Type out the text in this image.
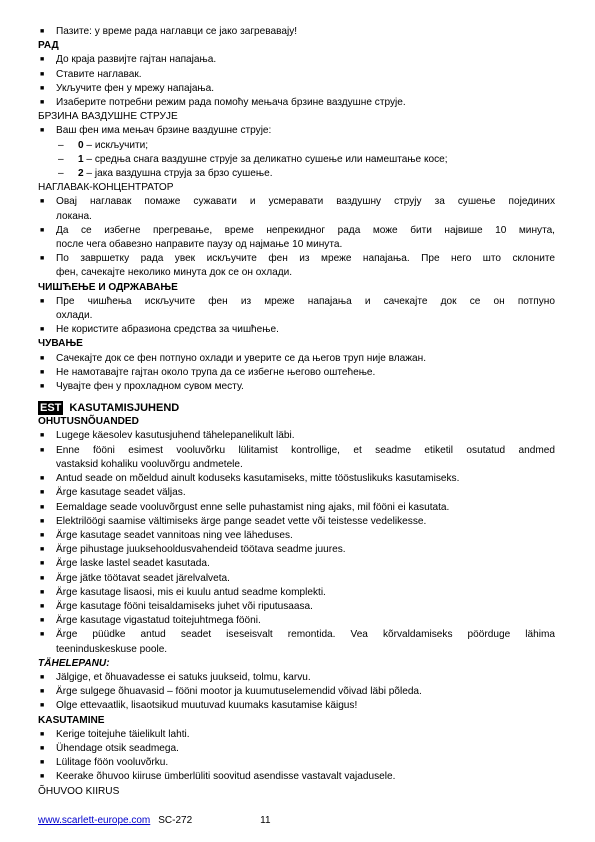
■	Пазите: у време рада наглавци се јако загревавају!
РАД
■	До краја развијте гајтан напајања.
■	Ставите наглавак.
■	Укључите фен у мрежу напајања.
■	Изаберите потребни режим рада помоћу мењача брзине ваздушне струје.
БРЗИНА ВАЗДУШНЕ СТРУЈЕ
■	Ваш фен има мењач брзине ваздушне струје:
–	0 – искључити;
–	1 – средња снага ваздушне струје за деликатно сушење или намештање косе;
–	2 – јака ваздушна струја за брзо сушење.
НАГЛАВАК-КОНЦЕНТРАТОР
■	Овај наглавак помаже сужавати и усмеравати ваздушну струју за сушење појединих
локана.
■	Да се избегне прегревање, време непрекидног рада може бити највише 10 минута,
после чега обавезно направите паузу од најмање 10 минута.
■	По завршетку рада увек искључите фен из мреже напајања. Пре него што склоните
фен, сачекајте неколико минута док се он охлади.
ЧИШЋЕЊЕ И ОДРЖАВАЊЕ
■	Пре чишћења искључите фен из мреже напајања и сачекајте док се он потпуно
охлади.
■	Не користите абразиона средства за чишћење.
ЧУВАЊЕ
■	Сачекајте док се фен потпуно охлади и уверите се да његов труп није влажан.
■	Не намотавајте гајтан около трупа да се избегне његово оштећење.
■	Чувајте фен у прохладном сувом месту.
EST KASUTAMISJUHEND
OHUTUSNÕUANDED
■	Lugege käesolev kasutusjuhend tähelepanelikult läbi.
■	Enne fööni esimest vooluvõrku lülitamist kontrollige, et seadme etiketil osutatud andmed
vastaksid kohaliku vooluvõrgu andmetele.
■	Antud seade on mõeldud ainult koduseks kasutamiseks, mitte tööstuslikuks kasutamiseks.
■	Ärge kasutage seadet väljas.
■	Eemaldage seade vooluvõrgust enne selle puhastamist ning ajaks, mil fööni ei kasutata.
■	Elektrilöögi saamise vältimiseks ärge pange seadet vette või teistesse vedelikesse.
■	Ärge kasutage seadet vannitoas ning vee läheduses.
■	Ärge pihustage juuksehooldusvahendeid töötava seadme juures.
■	Ärge laske lastel seadet kasutada.
■	Ärge jätke töötavat seadet järelvalveta.
■	Ärge kasutage lisaosi, mis ei kuulu antud seadme komplekti.
■	Ärge kasutage fööni teisaldamiseks juhet või riputusaasa.
■	Ärge kasutage vigastatud toitejuhtmega fööni.
■	Ärge püüdke antud seadet iseseisvalt remontida. Vea kõrvaldamiseks pöörduge lähima
teeninduskeskuse poole.
TÄHELEPANU:
■	Jälgige, et õhuavadesse ei satuks juukseid, tolmu, karvu.
■	Ärge sulgege õhuavasid – fööni mootor ja kuumutuselemendid võivad läbi põleda.
■	Olge ettevaatlik, lisaotsikud muutuvad kuumaks kasutamise käigus!
KASUTAMINE
■	Kerige toitejuhe täielikult lahti.
■	Ühendage otsik seadmega.
■	Lülitage föön vooluvõrku.
■	Keerake õhuvoo kiiruse ümberlüliti soovitud asendisse vastavalt vajadusele.
ÕHUVOO KIIRUS
www.scarlett-europe.com SC-272	11
